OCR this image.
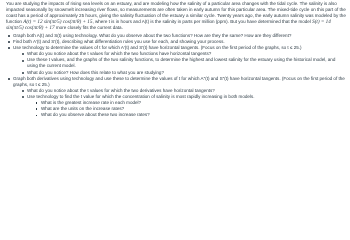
You are studying the impacts of rising sea levels on an estuary, and are modeling how the salinity of a particular area changes with the tidal cycle. The salinity is also impacted seasonally by snowmelt increasing river flows, so measurements are often taken in early autumn for this particular area. The mixed-tide cycle on this part of the coast has a period of approximately 25 hours, giving the salinity fluctuation of the estuary a similar cycle. Twenty years ago, the early autumn salinity was modeled by the function A(t) = 12 sin(πt/5) cos(πt/8) + 15, where t is in hours and A(t) is the salinity in parts per million (ppm). But you have determined that the model S(t) = 14 sin(πt/5) cos(πt/8) + 17 more closely fits the current data.

Graph both A(t) and S(t) using technology. What do you observe about the two functions? How are they the same? How are they different?
Find both A′(t) and S′(t), describing what differentiation rules you use for each, and showing your process.
Use technology to determine the values of t for which A′(t) and S′(t) have horizontal tangents. (Focus on the first period of the graphs, so t ≤ 25.)
What do you notice about the t values for which the two functions have horizontal tangents?
Use these t values, and the graphs of the two salinity functions, to determine the highest and lowest salinity for the estuary using the historical model, and using the current model.
What do you notice? How does this relate to what you are studying?
Graph both derivatives using technology and use these to determine the values of t for which A″(t) and S″(t) have horizontal tangents. (Focus on the first period of the graphs, so t ≤ 25.)
What do you notice about the t values for which the two derivatives have horizontal tangents?
Use technology to find the t value for which the concentration of salinity is most rapidly increasing in both models.
What is the greatest increase rate in each model?
What are the units on the increase rates?
What do you observe about these two increase rates?
